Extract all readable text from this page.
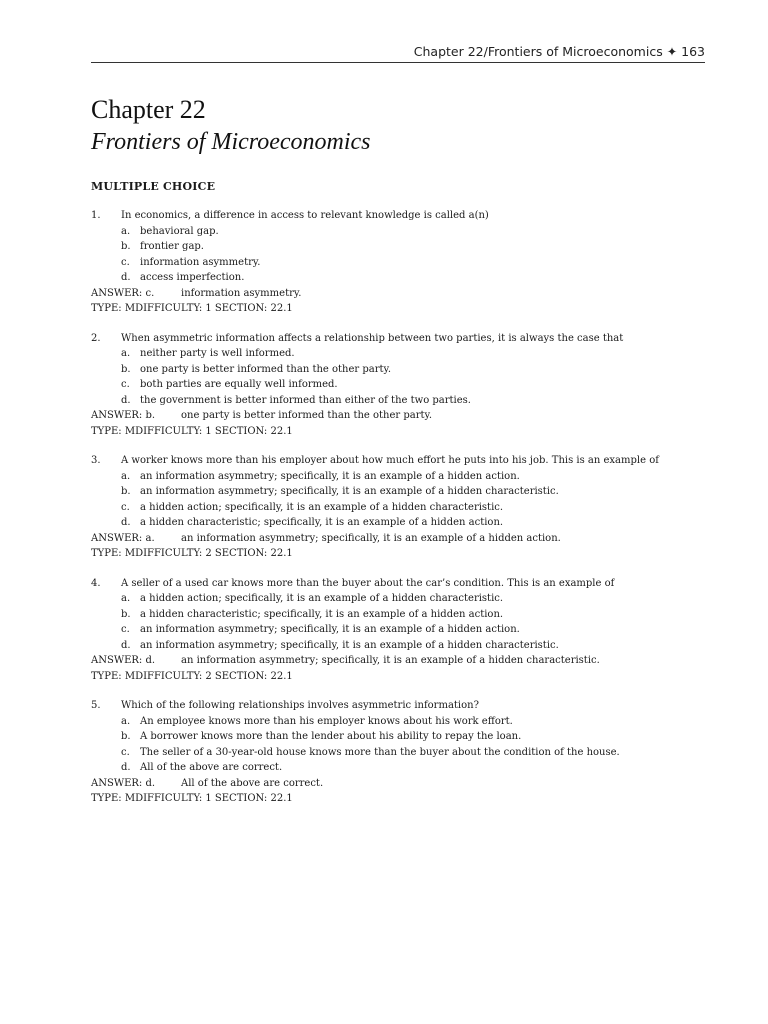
Chapter 22/Frontiers of Microeconomics ✦ 163
Chapter 22
Frontiers of Microeconomics
MULTIPLE CHOICE
1.	In economics, a difference in access to relevant knowledge is called a(n)
a. behavioral gap.
b. frontier gap.
c.	information asymmetry.
d. access imperfection.
ANSWER: c.	information asymmetry.
TYPE: MDIFFICULTY: 1 SECTION: 22.1
2.	When asymmetric information affects a relationship between two parties, it is always the case that
a. neither party is well informed.
b. one party is better informed than the other party.
c.	both parties are equally well informed.
d. the government is better informed than either of the two parties.
ANSWER: b.	one party is better informed than the other party.
TYPE: MDIFFICULTY: 1 SECTION: 22.1
3.	A worker knows more than his employer about how much effort he puts into his job. This is an example of
a. an information asymmetry; specifically, it is an example of a hidden action.
b. an information asymmetry; specifically, it is an example of a hidden characteristic.
c.	a hidden action; specifically, it is an example of a hidden characteristic.
d. a hidden characteristic; specifically, it is an example of a hidden action.
ANSWER: a.	an information asymmetry; specifically, it is an example of a hidden action.
TYPE: MDIFFICULTY: 2 SECTION: 22.1
4.	A seller of a used car knows more than the buyer about the car’s condition. This is an example of
a. a hidden action; specifically, it is an example of a hidden characteristic.
b. a hidden characteristic; specifically, it is an example of a hidden action.
c.	an information asymmetry; specifically, it is an example of a hidden action.
d. an information asymmetry; specifically, it is an example of a hidden characteristic.
ANSWER: d.	an information asymmetry; specifically, it is an example of a hidden characteristic.
TYPE: MDIFFICULTY: 2 SECTION: 22.1
5.	Which of the following relationships involves asymmetric information?
a. An employee knows more than his employer knows about his work effort.
b. A borrower knows more than the lender about his ability to repay the loan.
c.	The seller of a 30-year-old house knows more than the buyer about the condition of the house.
d. All of the above are correct.
ANSWER: d.	All of the above are correct.
TYPE: MDIFFICULTY: 1 SECTION: 22.1
